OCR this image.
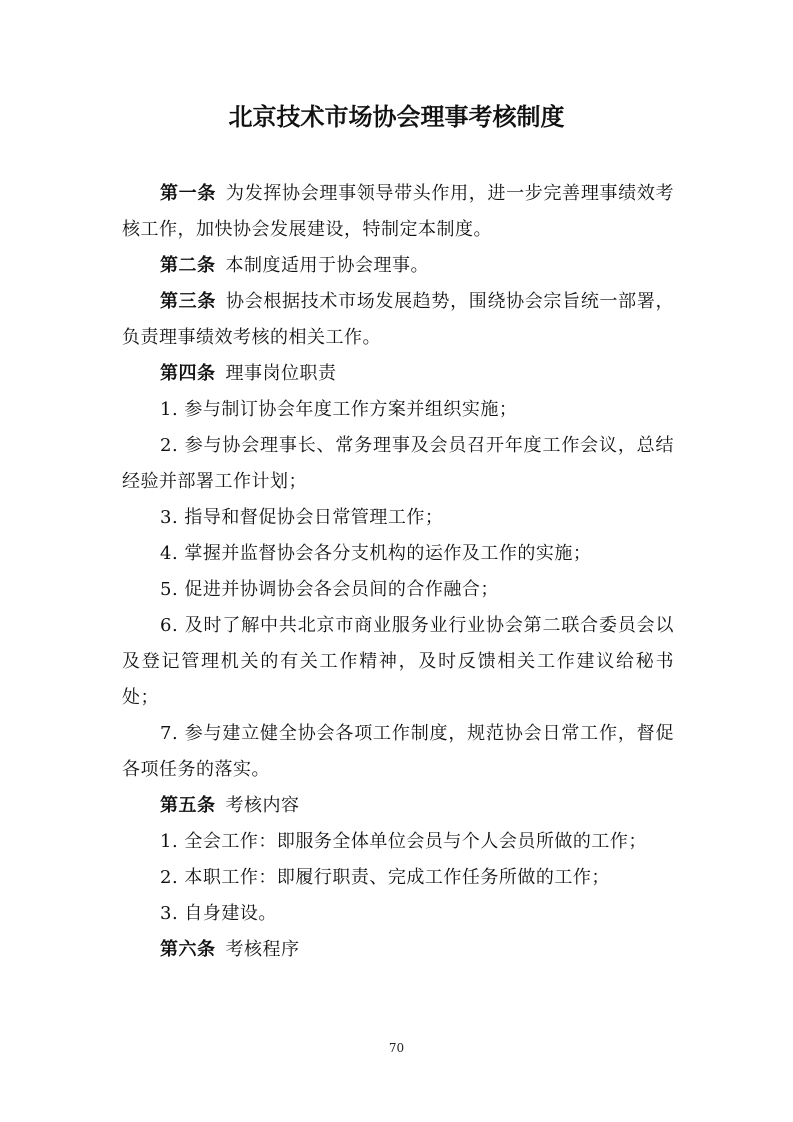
北京技术市场协会理事考核制度

第一条 为发挥协会理事领导带头作用，进一步完善理事绩效考核工作，加快协会发展建设，特制定本制度。

第二条 本制度适用于协会理事。

第三条 协会根据技术市场发展趋势，围绕协会宗旨统一部署，负责理事绩效考核的相关工作。

第四条 理事岗位职责

1. 参与制订协会年度工作方案并组织实施；

2. 参与协会理事长、常务理事及会员召开年度工作会议，总结经验并部署工作计划；

3. 指导和督促协会日常管理工作；

4. 掌握并监督协会各分支机构的运作及工作的实施；

5. 促进并协调协会各会员间的合作融合；

6. 及时了解中共北京市商业服务业行业协会第二联合委员会以及登记管理机关的有关工作精神，及时反馈相关工作建议给秘书处；

7. 参与建立健全协会各项工作制度，规范协会日常工作，督促各项任务的落实。

第五条 考核内容

1. 全会工作：即服务全体单位会员与个人会员所做的工作；

2. 本职工作：即履行职责、完成工作任务所做的工作；

3. 自身建设。

第六条 考核程序

70
